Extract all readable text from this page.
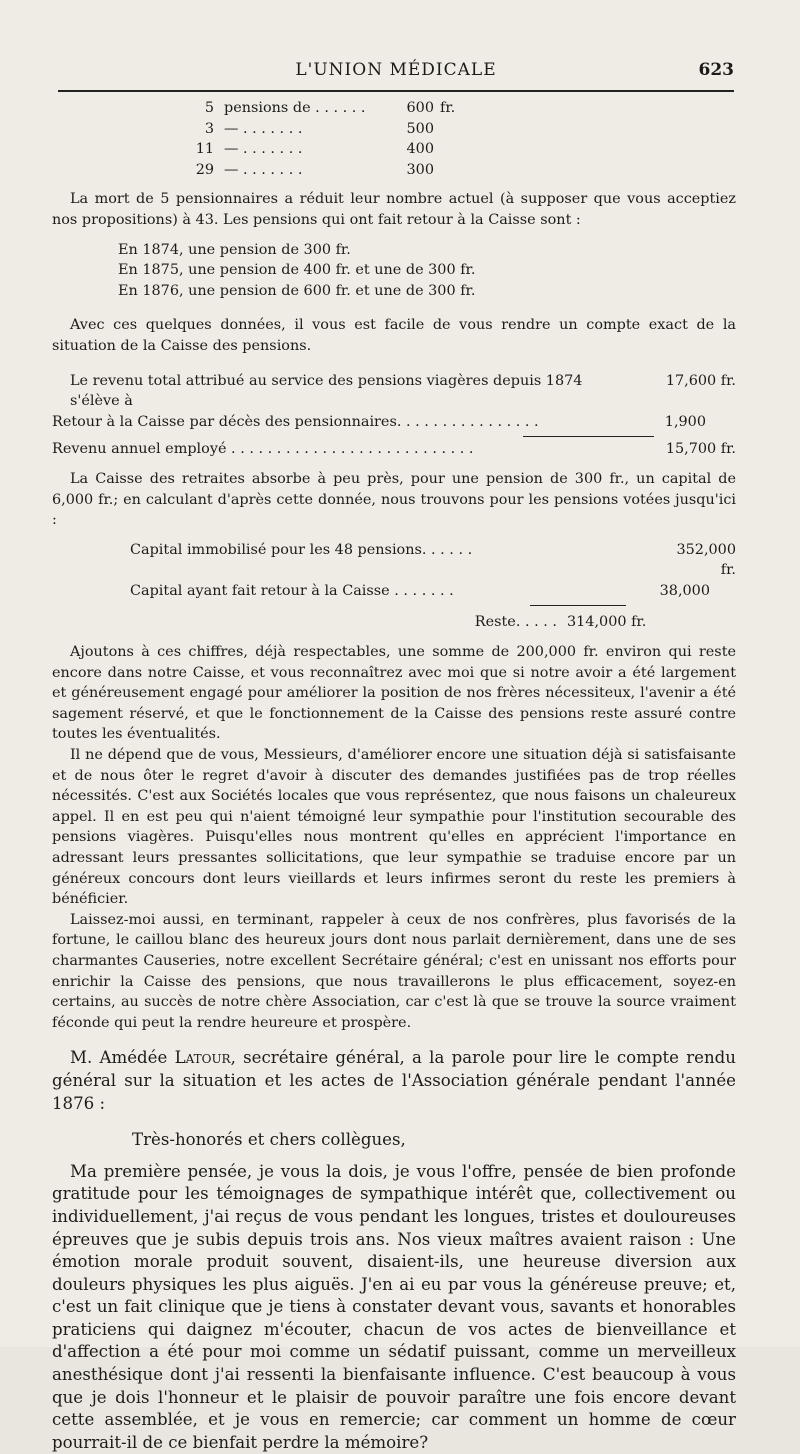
L'UNION MÉDICALE	623
5 pensions de . . . . . .	600 fr.
3 — . . . . . . .	500
11 — . . . . . . .	400
29 — . . . . . . .	300

La mort de 5 pensionnaires a réduit leur nombre actuel (à supposer que vous acceptiez nos propositions) à 43. Les pensions qui ont fait retour à la Caisse sont :

En 1874, une pension de 300 fr.
En 1875, une pension de 400 fr. et une de 300 fr.
En 1876, une pension de 600 fr. et une de 300 fr.

Avec ces quelques données, il vous est facile de vous rendre un compte exact de la situation de la Caisse des pensions.

Le revenu total attribué au service des pensions viagères depuis 1874 s'élève à
17,600 fr.
Retour à la Caisse par décès des pensionnaires. . . . . . . . . . . . . . . .	1,900
Revenu annuel employé . . . . . . . . . . . . . . . . . . . . . . . . . . .	15,700 fr.

La Caisse des retraites absorbe à peu près, pour une pension de 300 fr., un capital de 6,000 fr.; en calculant d'après cette donnée, nous trouvons pour les pensions votées jusqu'ici :

Capital immobilisé pour les 48 pensions. . . . . .	352,000 fr.
Capital ayant fait retour à la Caisse . . . . . . .	38,000
Reste. . . . . 314,000 fr.

Ajoutons à ces chiffres, déjà respectables, une somme de 200,000 fr. environ qui reste encore dans notre Caisse, et vous reconnaîtrez avec moi que si notre avoir a été largement et généreusement engagé pour améliorer la position de nos frères nécessiteux, l'avenir a été sagement réservé, et que le fonctionnement de la Caisse des pensions reste assuré contre toutes les éventualités.

Il ne dépend que de vous, Messieurs, d'améliorer encore une situation déjà si satisfaisante et de nous ôter le regret d'avoir à discuter des demandes justifiées pas de trop réelles nécessités. C'est aux Sociétés locales que vous représentez, que nous faisons un chaleureux appel. Il en est peu qui n'aient témoigné leur sympathie pour l'institution secourable des pensions viagères. Puisqu'elles nous montrent qu'elles en apprécient l'importance en adressant leurs pressantes sollicitations, que leur sympathie se traduise encore par un généreux concours dont leurs vieillards et leurs infirmes seront du reste les premiers à bénéficier.

Laissez-moi aussi, en terminant, rappeler à ceux de nos confrères, plus favorisés de la fortune, le caillou blanc des heureux jours dont nous parlait dernièrement, dans une de ses charmantes Causeries, notre excellent Secrétaire général; c'est en unissant nos efforts pour enrichir la Caisse des pensions, que nous travaillerons le plus efficacement, soyez-en certains, au succès de notre chère Association, car c'est là que se trouve la source vraiment féconde qui peut la rendre heureure et prospère.

M. Amédée Latour, secrétaire général, a la parole pour lire le compte rendu général sur la situation et les actes de l'Association générale pendant l'année 1876 :

Très-honorés et chers collègues,

Ma première pensée, je vous la dois, je vous l'offre, pensée de bien profonde gratitude pour les témoignages de sympathique intérêt que, collectivement ou individuellement, j'ai reçus de vous pendant les longues, tristes et douloureuses épreuves que je subis depuis trois ans. Nos vieux maîtres avaient raison : Une émotion morale produit souvent, disaient-ils, une heureuse diversion aux douleurs physiques les plus aiguës. J'en ai eu par vous la généreuse preuve; et, c'est un fait clinique que je tiens à constater devant vous, savants et honorables praticiens qui daignez m'écouter, chacun de vos actes de bienveillance et d'affection a été pour moi comme un sédatif puissant, comme un merveilleux anesthésique dont j'ai ressenti la bienfaisante influence. C'est beaucoup à vous que je dois l'honneur et le plaisir de pouvoir paraître une fois encore devant cette assemblée, et je vous en remercie; car comment un homme de cœur pourrait-il de ce bienfait perdre la mémoire?
